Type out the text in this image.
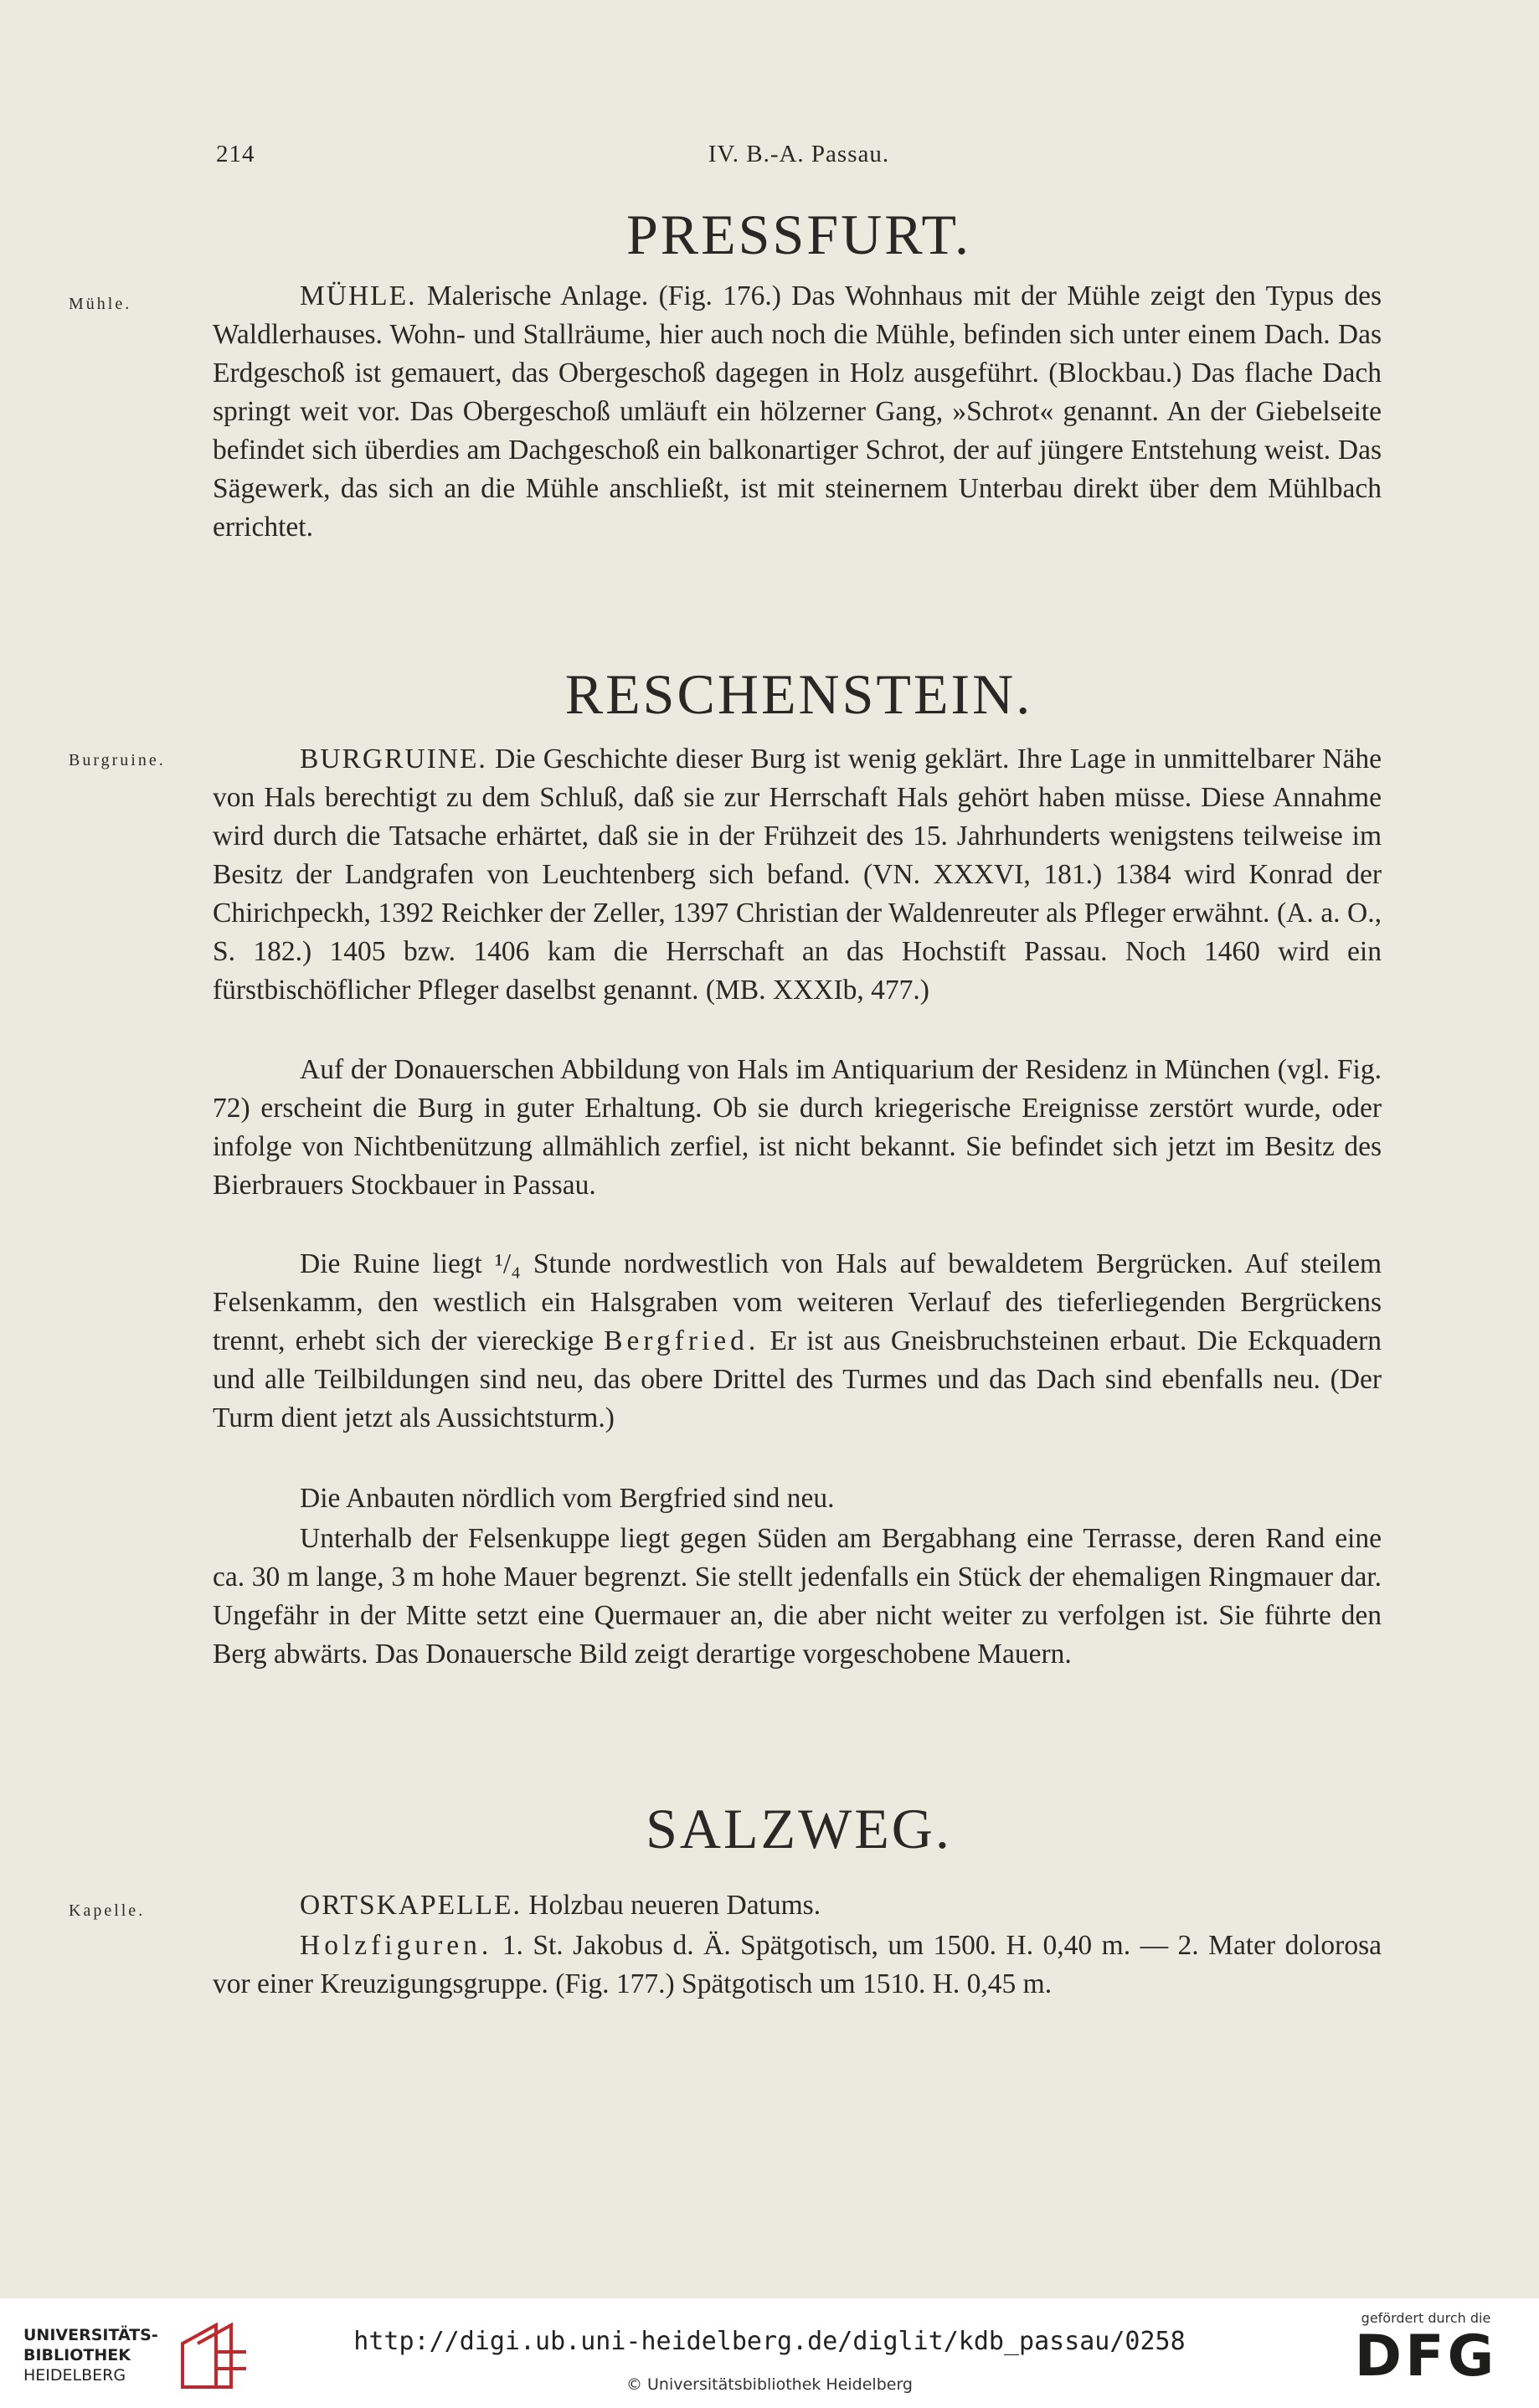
214	IV. B.-A. Passau.
PRESSFURT.
Mühle.	MÜHLE. Malerische Anlage. (Fig. 176.) Das Wohnhaus mit der Mühle zeigt den Typus des Waldlerhauses. Wohn- und Stallräume, hier auch noch die Mühle, befinden sich unter einem Dach. Das Erdgeschoß ist gemauert, das Obergeschoß dagegen in Holz ausgeführt. (Blockbau.) Das flache Dach springt weit vor. Das Obergeschoß umläuft ein hölzerner Gang, »Schrot« genannt. An der Giebelseite befindet sich überdies am Dachgeschoß ein balkonartiger Schrot, der auf jüngere Entstehung weist. Das Sägewerk, das sich an die Mühle anschließt, ist mit steinernem Unterbau direkt über dem Mühlbach errichtet.

RESCHENSTEIN.
Burgruine.	BURGRUINE. Die Geschichte dieser Burg ist wenig geklärt. Ihre Lage in unmittelbarer Nähe von Hals berechtigt zu dem Schluß, daß sie zur Herrschaft Hals gehört haben müsse. Diese Annahme wird durch die Tatsache erhärtet, daß sie in der Frühzeit des 15. Jahrhunderts wenigstens teilweise im Besitz der Landgrafen von Leuchtenberg sich befand. (VN. XXXVI, 181.) 1384 wird Konrad der Chirichpeckh, 1392 Reichker der Zeller, 1397 Christian der Waldenreuter als Pfleger erwähnt. (A. a. O., S. 182.) 1405 bzw. 1406 kam die Herrschaft an das Hochstift Passau. Noch 1460 wird ein fürstbischöflicher Pfleger daselbst genannt. (MB. XXXIb, 477.)

Auf der Donauerschen Abbildung von Hals im Antiquarium der Residenz in München (vgl. Fig. 72) erscheint die Burg in guter Erhaltung. Ob sie durch kriegerische Ereignisse zerstört wurde, oder infolge von Nichtbenützung allmählich zerfiel, ist nicht bekannt. Sie befindet sich jetzt im Besitz des Bierbrauers Stockbauer in Passau.

Die Ruine liegt ¹/₄ Stunde nordwestlich von Hals auf bewaldetem Bergrücken. Auf steilem Felsenkamm, den westlich ein Halsgraben vom weiteren Verlauf des tieferliegenden Bergrückens trennt, erhebt sich der viereckige Bergfried. Er ist aus Gneisbruchsteinen erbaut. Die Eckquadern und alle Teilbildungen sind neu, das obere Drittel des Turmes und das Dach sind ebenfalls neu. (Der Turm dient jetzt als Aussichtsturm.)

Die Anbauten nördlich vom Bergfried sind neu.

Unterhalb der Felsenkuppe liegt gegen Süden am Bergabhang eine Terrasse, deren Rand eine ca. 30 m lange, 3 m hohe Mauer begrenzt. Sie stellt jedenfalls ein Stück der ehemaligen Ringmauer dar. Ungefähr in der Mitte setzt eine Quermauer an, die aber nicht weiter zu verfolgen ist. Sie führte den Berg abwärts. Das Donauersche Bild zeigt derartige vorgeschobene Mauern.

SALZWEG.
Kapelle.	ORTSKAPELLE. Holzbau neueren Datums.

Holzfiguren. 1. St. Jakobus d. Ä. Spätgotisch, um 1500. H. 0,40 m. — 2. Mater dolorosa vor einer Kreuzigungsgruppe. (Fig. 177.) Spätgotisch um 1510. H. 0,45 m.

UNIVERSITÄTS-
BIBLIOTHEK
HEIDELBERG
http://digi.ub.uni-heidelberg.de/diglit/kdb_passau/0258
© Universitätsbibliothek Heidelberg
gefördert durch die
DFG
